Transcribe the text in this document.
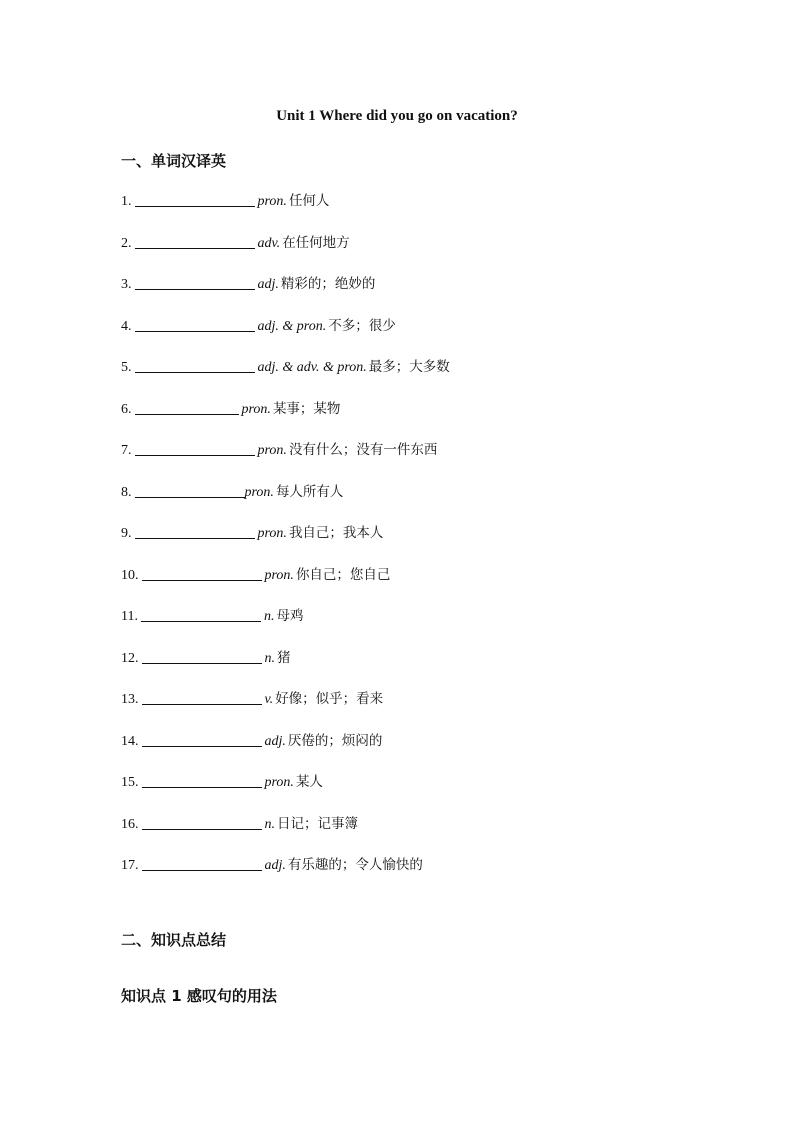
Unit 1 Where did you go on vacation?
一、单词汉译英
1.	pron. 任何人
2.	adv. 在任何地方
3.	adj. 精彩的；绝妙的
4.	adj. & pron. 不多；很少
5.	adj. & adv. & pron. 最多；大多数
6.	pron. 某事；某物
7.	pron. 没有什么；没有一件东西
8.	pron. 每人所有人
9.	pron. 我自己；我本人
10.	pron. 你自己；您自己
11.	n. 母鸡
12.	n. 猪
13.	v. 好像；似乎；看来
14.	adj. 厌倦的；烦闷的
15.	pron. 某人
16.	n. 日记；记事簿
17.	adj. 有乐趣的；令人愉快的
二、知识点总结
知识点 1 感叹句的用法
